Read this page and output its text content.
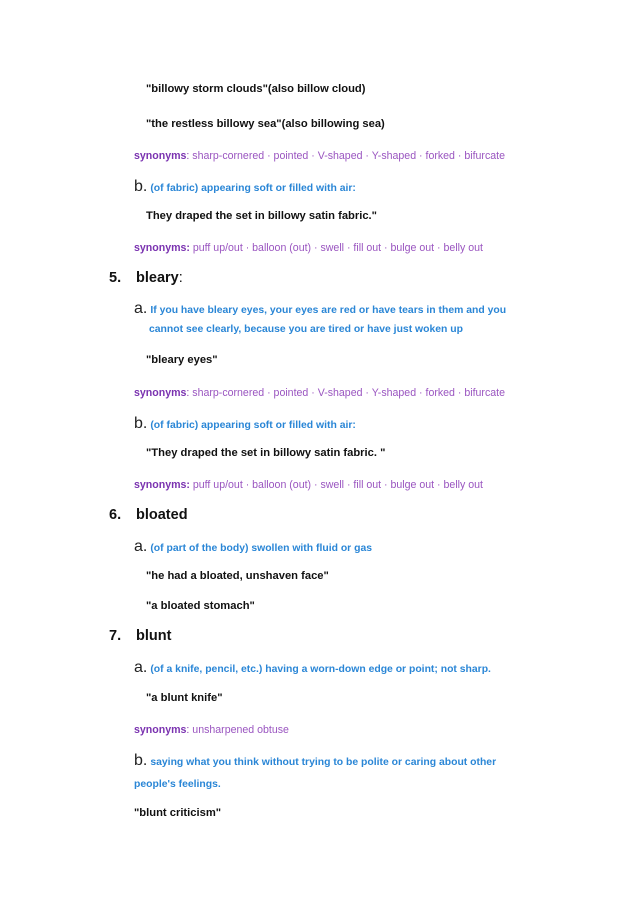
"billowy storm clouds"(also billow cloud)
"the restless billowy sea"(also billowing sea)
synonyms: sharp-cornered · pointed · V-shaped · Y-shaped · forked · bifurcate
b. (of fabric) appearing soft or filled with air:
They draped the set in billowy satin fabric."
synonyms: puff up/out · balloon (out) · swell · fill out · bulge out · belly out
5. bleary:
a. If you have bleary eyes, your eyes are red or have tears in them and you
cannot see clearly, because you are tired or have just woken up
"bleary eyes"
synonyms: sharp-cornered · pointed · V-shaped · Y-shaped · forked · bifurcate
b. (of fabric) appearing soft or filled with air:
"They draped the set in billowy satin fabric. "
synonyms: puff up/out · balloon (out) · swell · fill out · bulge out · belly out
6. bloated
a. (of part of the body) swollen with fluid or gas
"he had a bloated, unshaven face"
"a bloated stomach"
7. blunt
a. (of a knife, pencil, etc.) having a worn-down edge or point; not sharp.
"a blunt knife"
synonyms: unsharpened obtuse
b. saying what you think without trying to be polite or caring about other
people's feelings.
"blunt criticism"
